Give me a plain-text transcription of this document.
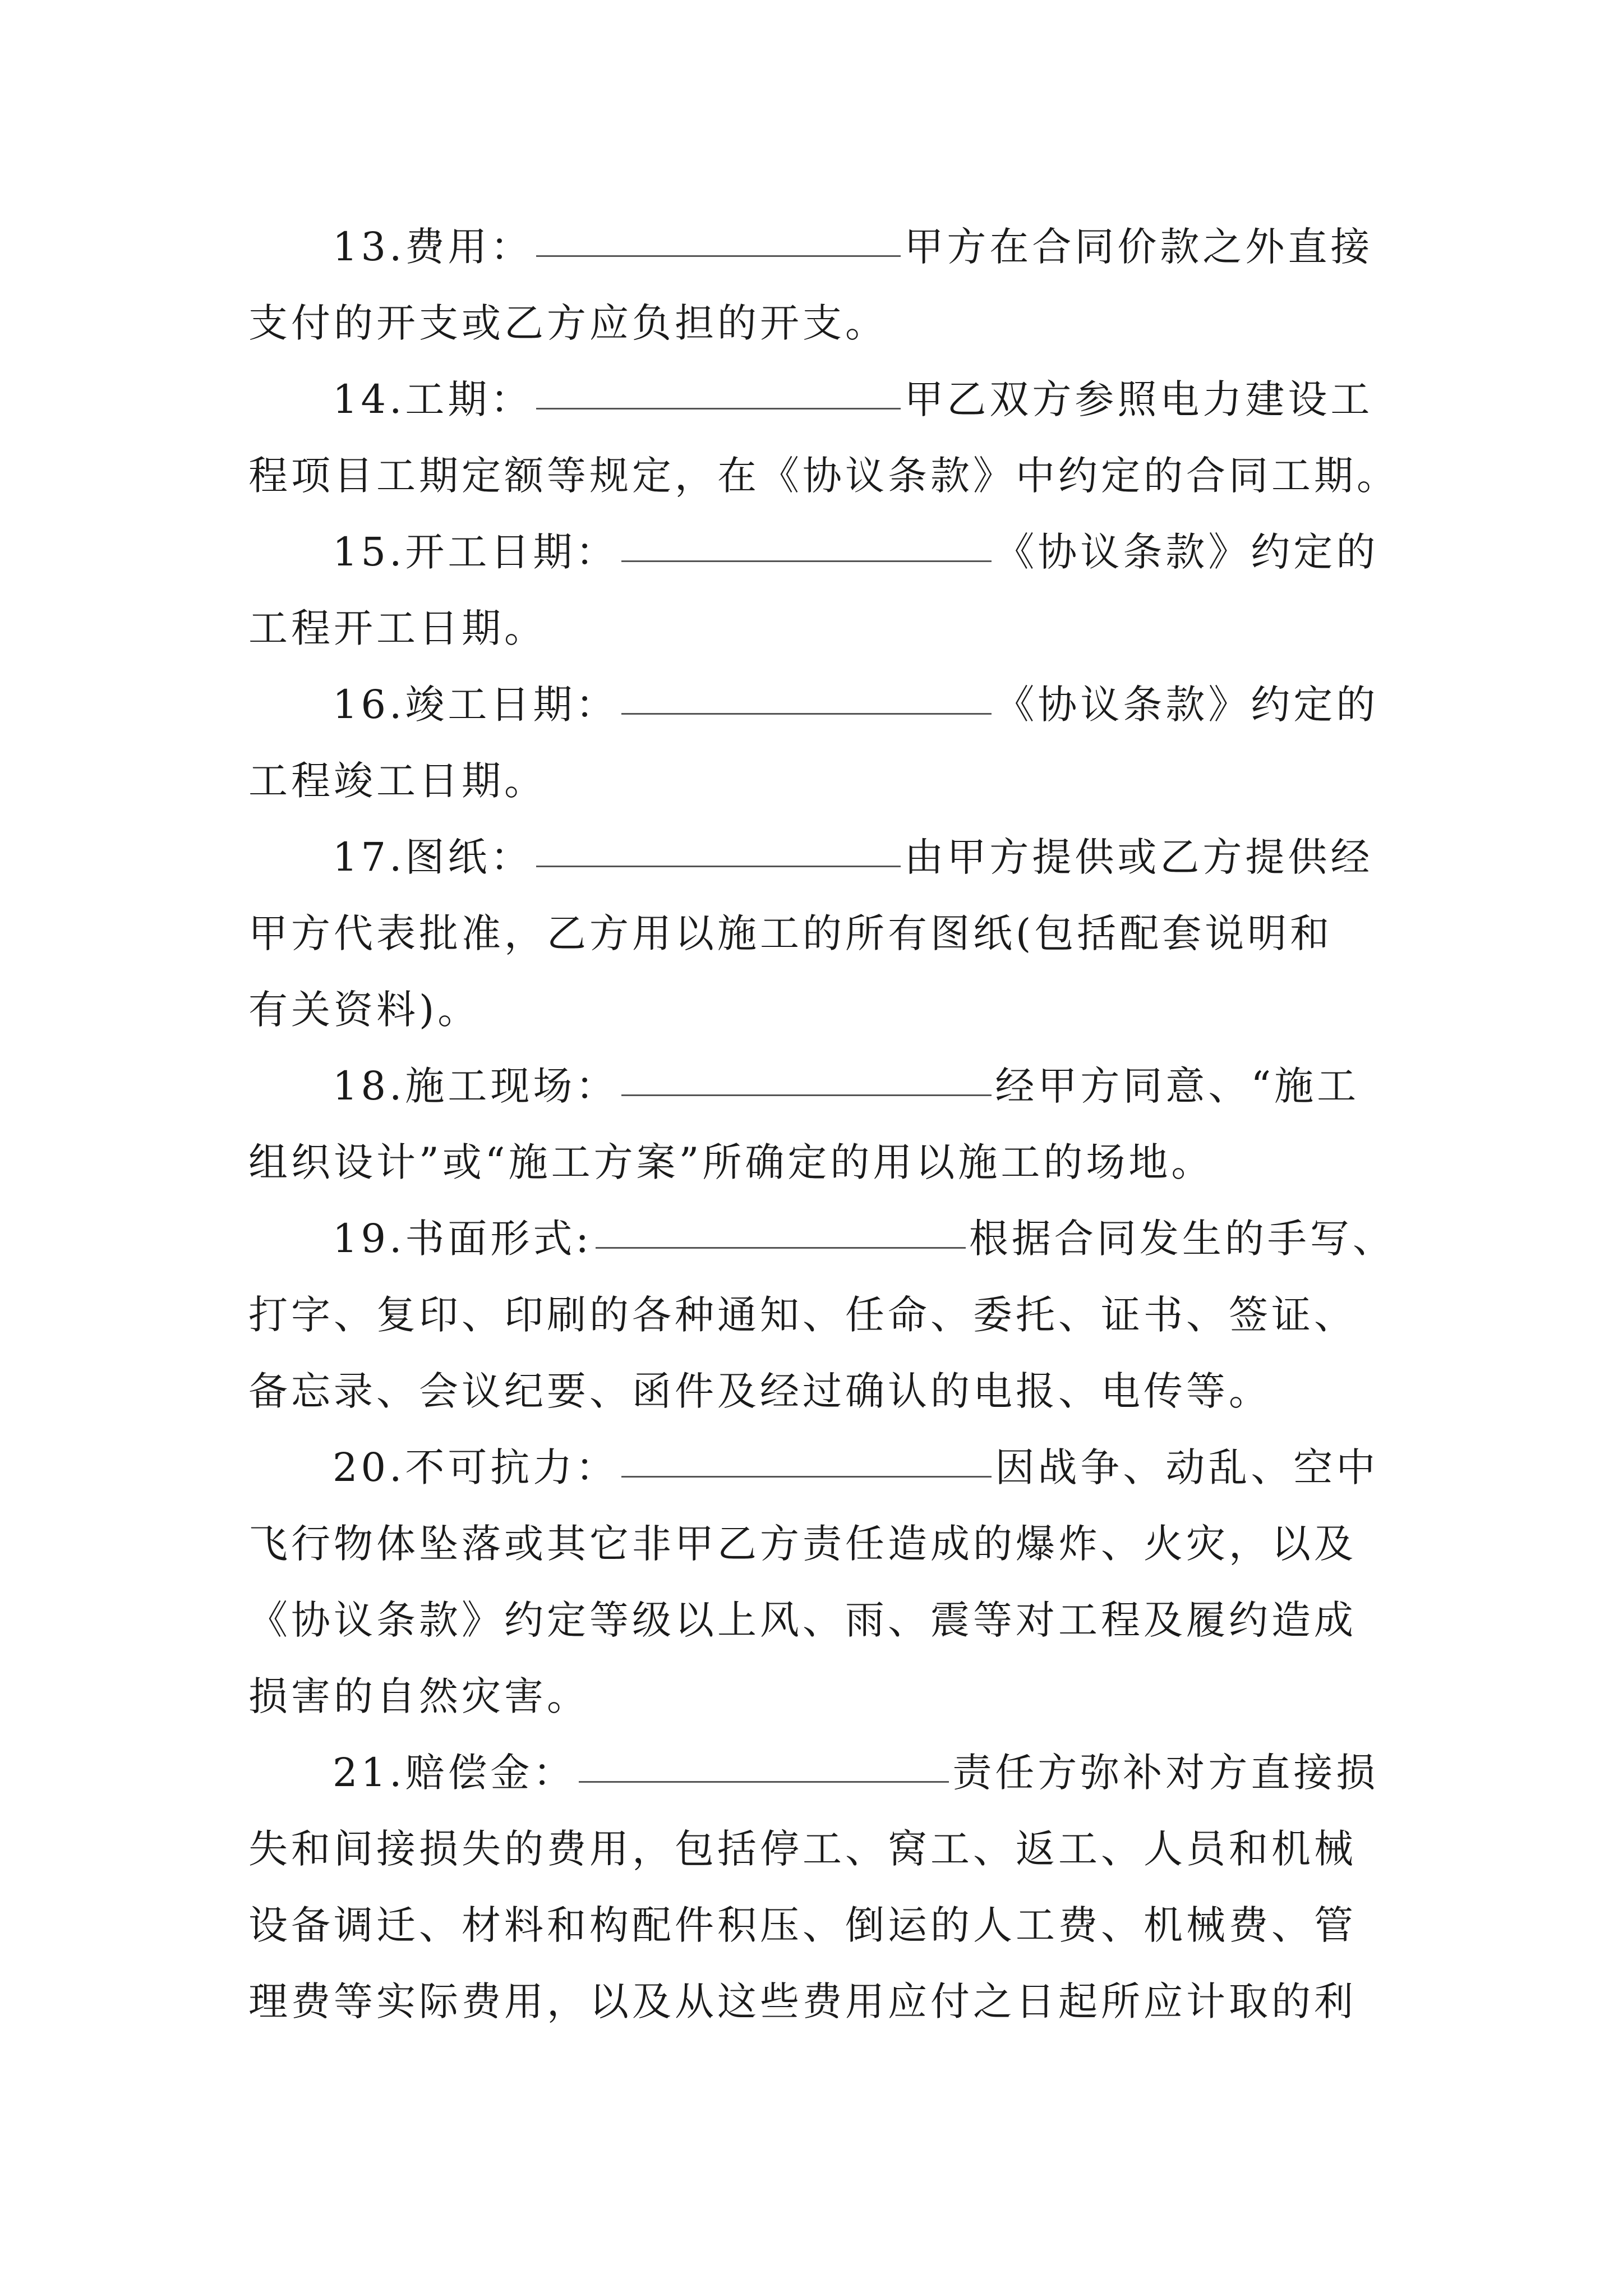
13.费用：	甲方在合同价款之外直接
支付的开支或乙方应负担的开支。
14.工期：	甲乙双方参照电力建设工
程项目工期定额等规定，在《协议条款》中约定的合同工期。
15.开工日期：	《协议条款》约定的
工程开工日期。
16.竣工日期：	《协议条款》约定的
工程竣工日期。
17.图纸：	由甲方提供或乙方提供经
甲方代表批准，乙方用以施工的所有图纸(包括配套说明和
有关资料)。
18.施工现场：	经甲方同意、“施工
组织设计”或“施工方案”所确定的用以施工的场地。
19.书面形式:	根据合同发生的手写、
打字、复印、印刷的各种通知、任命、委托、证书、签证、
备忘录、会议纪要、函件及经过确认的电报、电传等。
20.不可抗力：	因战争、动乱、空中
飞行物体坠落或其它非甲乙方责任造成的爆炸、火灾，以及
《协议条款》约定等级以上风、雨、震等对工程及履约造成
损害的自然灾害。
21.赔偿金：	责任方弥补对方直接损
失和间接损失的费用，包括停工、窝工、返工、人员和机械
设备调迁、材料和构配件积压、倒运的人工费、机械费、管
理费等实际费用，以及从这些费用应付之日起所应计取的利
